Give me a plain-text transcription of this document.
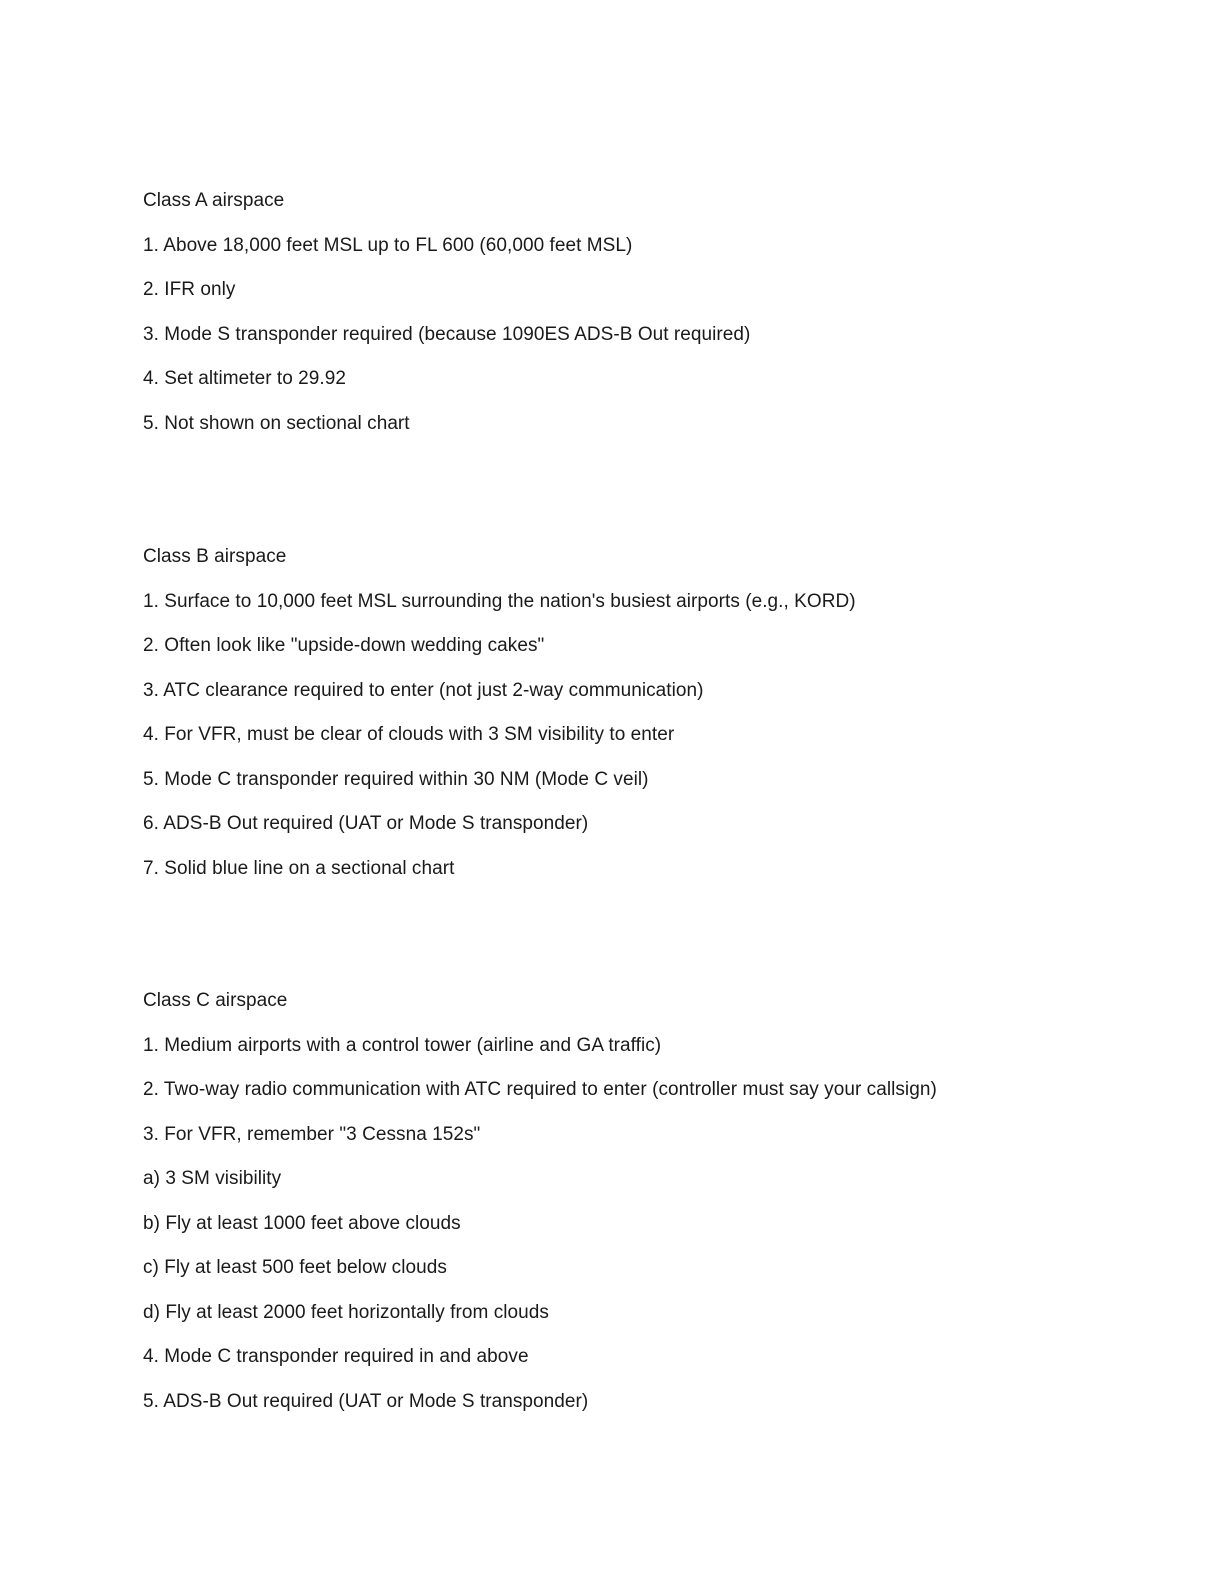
Class A airspace
1. Above 18,000 feet MSL up to FL 600 (60,000 feet MSL)
2. IFR only
3. Mode S transponder required (because 1090ES ADS-B Out required)
4. Set altimeter to 29.92
5. Not shown on sectional chart
Class B airspace
1. Surface to 10,000 feet MSL surrounding the nation's busiest airports (e.g., KORD)
2. Often look like "upside-down wedding cakes"
3. ATC clearance required to enter (not just 2-way communication)
4. For VFR, must be clear of clouds with 3 SM visibility to enter
5. Mode C transponder required within 30 NM (Mode C veil)
6. ADS-B Out required (UAT or Mode S transponder)
7. Solid blue line on a sectional chart
Class C airspace
1. Medium airports with a control tower (airline and GA traffic)
2. Two-way radio communication with ATC required to enter (controller must say your callsign)
3. For VFR, remember "3 Cessna 152s"
a) 3 SM visibility
b) Fly at least 1000 feet above clouds
c) Fly at least 500 feet below clouds
d) Fly at least 2000 feet horizontally from clouds
4. Mode C transponder required in and above
5. ADS-B Out required (UAT or Mode S transponder)
